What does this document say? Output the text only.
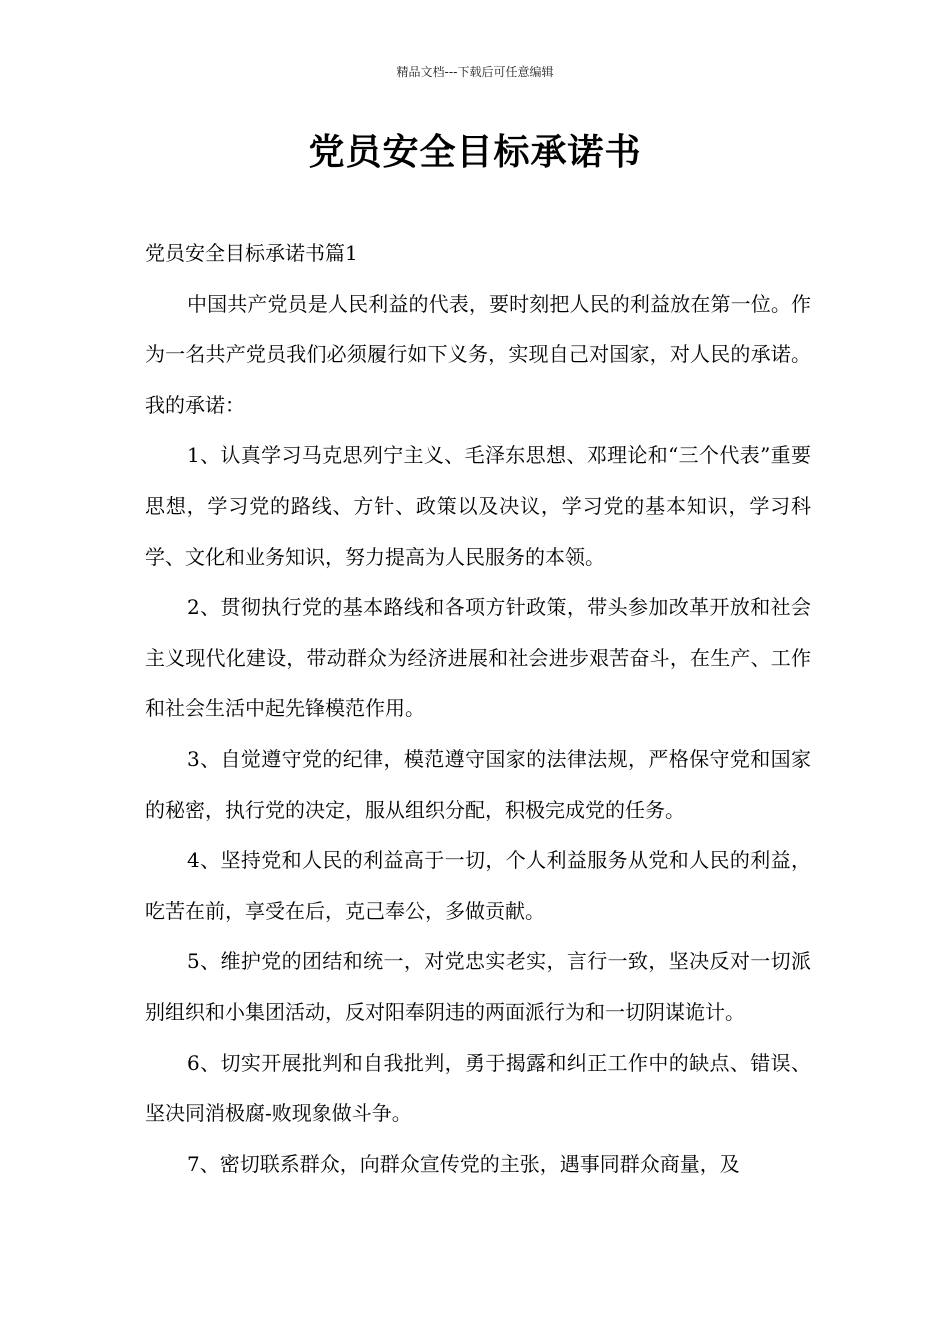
精品文档---下载后可任意编辑
党员安全目标承诺书

党员安全目标承诺书篇1

中国共产党员是人民利益的代表，要时刻把人民的利益放在第一位。作为一名共产党员我们必须履行如下义务，实现自己对国家，对人民的承诺。我的承诺：

1、认真学习马克思列宁主义、毛泽东思想、邓理论和“三个代表”重要思想，学习党的路线、方针、政策以及决议，学习党的基本知识，学习科学、文化和业务知识，努力提高为人民服务的本领。

2、贯彻执行党的基本路线和各项方针政策，带头参加改革开放和社会主义现代化建设，带动群众为经济进展和社会进步艰苦奋斗，在生产、工作和社会生活中起先锋模范作用。

3、自觉遵守党的纪律，模范遵守国家的法律法规，严格保守党和国家的秘密，执行党的决定，服从组织分配，积极完成党的任务。

4、坚持党和人民的利益高于一切，个人利益服务从党和人民的利益，吃苦在前，享受在后，克己奉公，多做贡献。

5、维护党的团结和统一，对党忠实老实，言行一致，坚决反对一切派别组织和小集团活动，反对阳奉阴违的两面派行为和一切阴谋诡计。

6、切实开展批判和自我批判，勇于揭露和纠正工作中的缺点、错误、坚决同消极腐-败现象做斗争。

7、密切联系群众，向群众宣传党的主张，遇事同群众商量，及
